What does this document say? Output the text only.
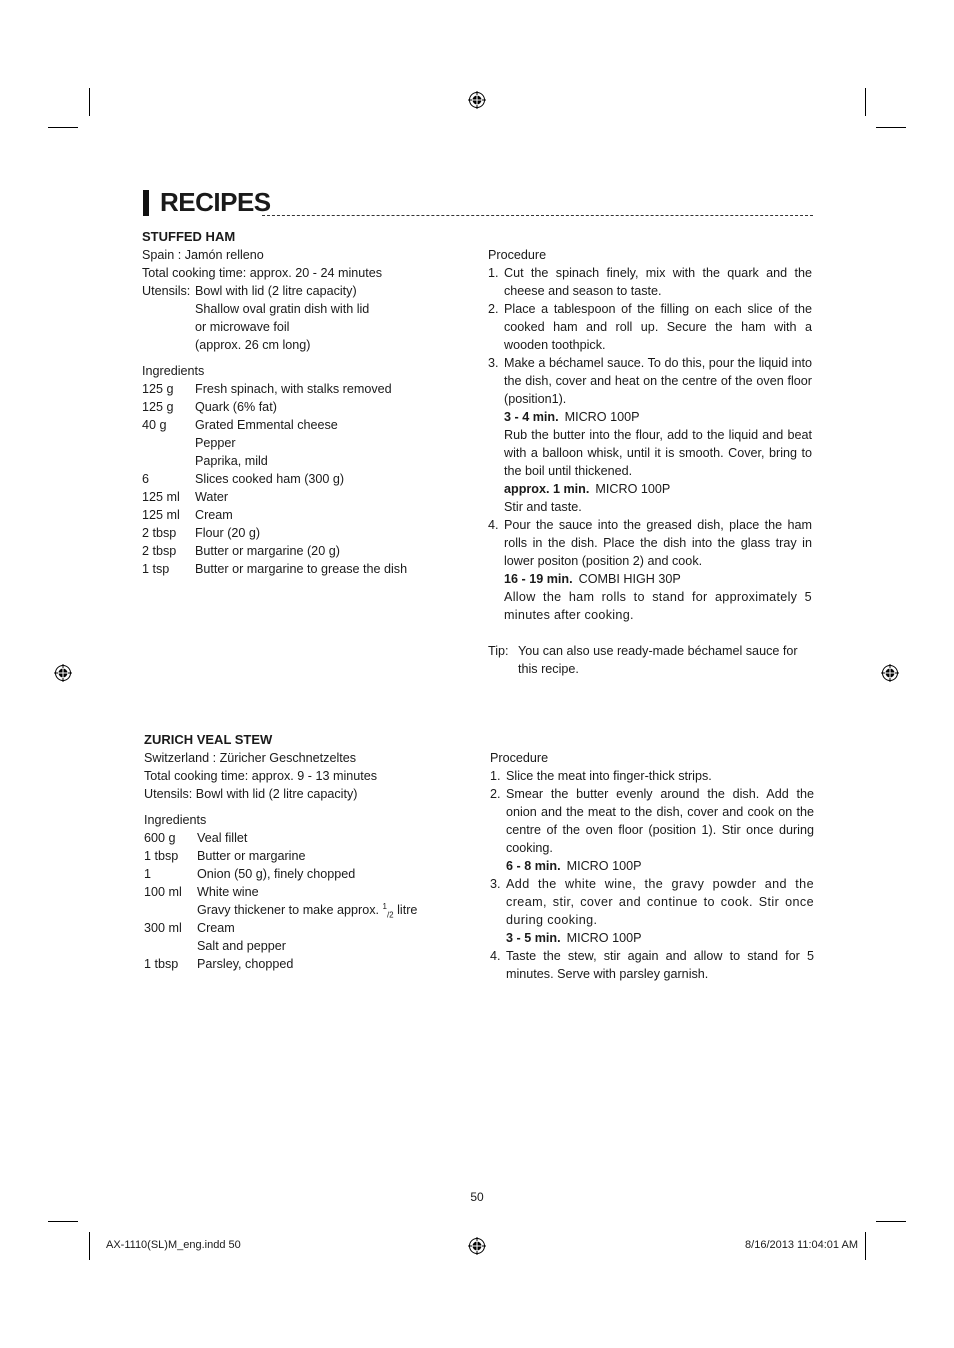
RECIPES
STUFFED HAM
Spain : Jamón relleno
Total cooking time: approx. 20 - 24 minutes
Utensils: Bowl with lid (2 litre capacity)
Shallow oval gratin dish with lid
or microwave foil
(approx. 26 cm long)
Ingredients
125 g	Fresh spinach, with stalks removed
125 g	Quark (6% fat)
40 g	Grated Emmental cheese
Pepper
Paprika, mild
6	Slices cooked ham (300 g)
125 ml	Water
125 ml	Cream
2 tbsp	Flour (20 g)
2 tbsp	Butter or margarine (20 g)
1 tsp	Butter or margarine to grease the dish
Procedure
1. Cut the spinach finely, mix with the quark and the cheese and season to taste.
2. Place a tablespoon of the filling on each slice of the cooked ham and roll up. Secure the ham with a wooden toothpick.
3. Make a béchamel sauce. To do this, pour the liquid into the dish, cover and heat on the centre of the oven floor (position1).
3 - 4 min. MICRO 100P
Rub the butter into the flour, add to the liquid and beat with a balloon whisk, until it is smooth. Cover, bring to the boil until thickened.
approx. 1 min. MICRO 100P
Stir and taste.
4. Pour the sauce into the greased dish, place the ham rolls in the dish. Place the dish into the glass tray in lower positon (position 2) and cook.
16 - 19 min. COMBI HIGH 30P
Allow the ham rolls to stand for approximately 5 minutes after cooking.
Tip: You can also use ready-made béchamel sauce for this recipe.
ZURICH VEAL STEW
Switzerland : Züricher Geschnetzeltes
Total cooking time: approx. 9 - 13 minutes
Utensils: Bowl with lid (2 litre capacity)
Ingredients
600 g	Veal fillet
1 tbsp	Butter or margarine
1	Onion (50 g), finely chopped
100 ml	White wine
Gravy thickener to make approx. $^1_{/2}$ litre
300 ml	Cream
Salt and pepper
1 tbsp	Parsley, chopped
Procedure
1. Slice the meat into finger-thick strips.
2. Smear the butter evenly around the dish. Add the onion and the meat to the dish, cover and cook on the centre of the oven floor (position 1). Stir once during cooking.
6 - 8 min. MICRO 100P
3. Add the white wine, the gravy powder and the cream, stir, cover and continue to cook. Stir once during cooking.
3 - 5 min. MICRO 100P
4. Taste the stew, stir again and allow to stand for 5 minutes. Serve with parsley garnish.
50
AX-1110(SL)M_eng.indd 50	8/16/2013 11:04:01 AM
